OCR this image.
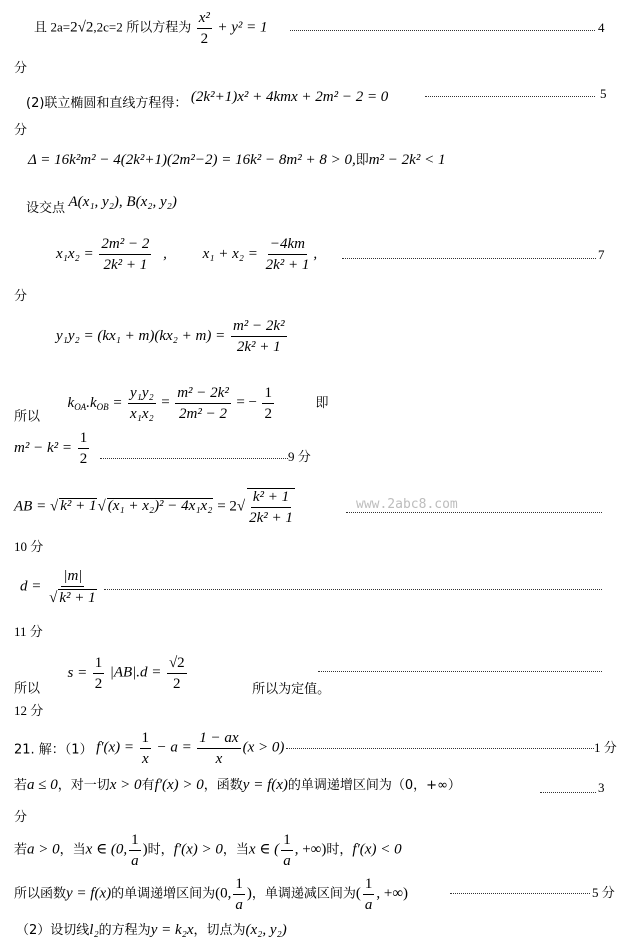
且 2a=2√2,2c=2 所以方程为 $\frac{\text{x²}}{2} + y^2 = 1$	4
分
(2)联立椭圆和直线方程得： (2k²+1)x² + 4kmx + 2m² − 2 = 0	5
分
Δ = 16k²m² − 4(2k²+1)(2m²−2) = 16k² − 8m² + 8 > 0,即m² − 2k² < 1
设交点 A(x₁, y₂), B(x₂, y₂)
$x_1x_2 = \frac{\text{2m² − 2}}{\text{2k² + 1}}$ , $x_1 + x_2 = \frac{-4km}{\text{2k² + 1}}$ ,	7
分
$y_1y_2 = (kx_1 + m)(kx_2 + m) = \frac{\text{m² − 2k²}}{\text{2k² + 1}}$
所以 $k_{OA}.k_{OB} = \frac{\text{y₁y₂}}{\text{x₁x₂}} = \frac{\text{m² − 2k²}}{\text{2m² − 2}}$ = − $\frac{1}{2}$	即
$m^2 - k^2 = \frac{1}{2}$	9 分
AB = √ k² + 1√ $(x_1 + x_2)^2 - 4x_1x_2 = 2√ \frac{\text{k² + 1}}{\text{2k² + 1}}$	www.2abc8.com
10 分
$d = \frac{|m|}{\text{√ k² + 1}}$
11 分
所以 $s = \frac{1}{2} |AB|.d = \frac{√2}{2}$	所以为定值。
12 分
21. 解：（1） $f'(x) = \frac{1}{x} - a = \frac{1 - ax}{x} (x > 0)$	1 分
若a ≤ 0，对一切x > 0有f′(x) > 0，函数y = f(x)的单调递增区间为（0，+∞）	3
分
若a > 0，当x ∈ (0, $\frac{1}{a}$ )时，f′(x) > 0，当x ∈ ( $\frac{1}{a}$ , +∞)时，f′(x) < 0
所以函数y = f(x)的单调递增区间为(0, $\frac{1}{a}$ )，单调递减区间为( $\frac{1}{a}$ , +∞)	5 分
（2）设切线l₂的方程为y = k₂x，切点为(x₂, y₂)
